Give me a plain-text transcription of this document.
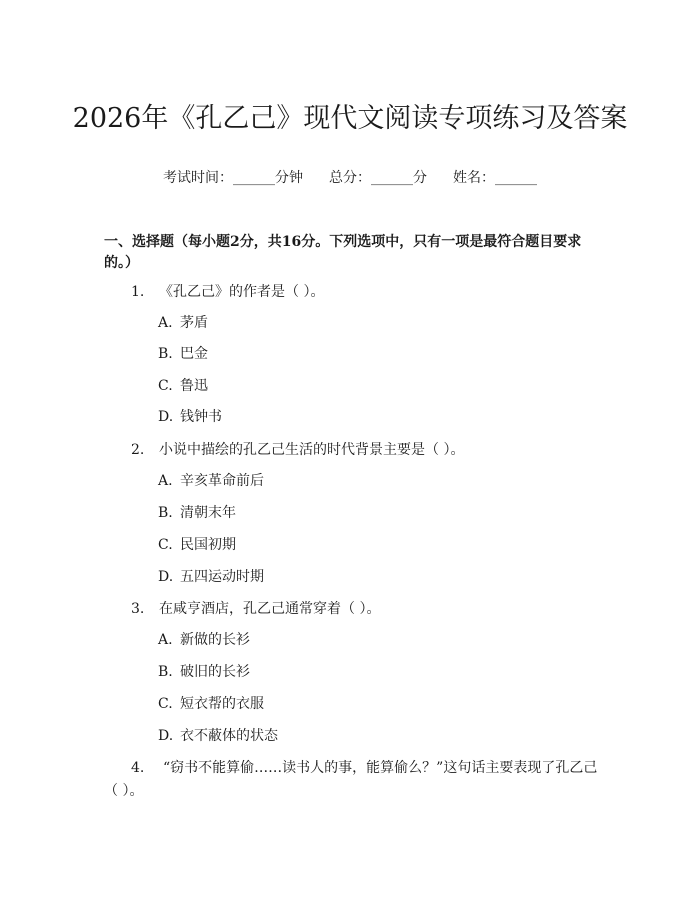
2026年《孔乙己》现代文阅读专项练习及答案
考试时间：______分钟 总分：______分 姓名：______
一、选择题（每小题2分，共16分。下列选项中，只有一项是最符合题目要求的。）
1. 《孔乙己》的作者是（ ）。
A. 茅盾
B. 巴金
C. 鲁迅
D. 钱钟书
2. 小说中描绘的孔乙己生活的时代背景主要是（ ）。
A. 辛亥革命前后
B. 清朝末年
C. 民国初期
D. 五四运动时期
3. 在咸亨酒店，孔乙己通常穿着（ ）。
A. 新做的长衫
B. 破旧的长衫
C. 短衣帮的衣服
D. 衣不蔽体的状态
4. “窃书不能算偷……读书人的事，能算偷么？”这句话主要表现了孔乙己（ ）。
